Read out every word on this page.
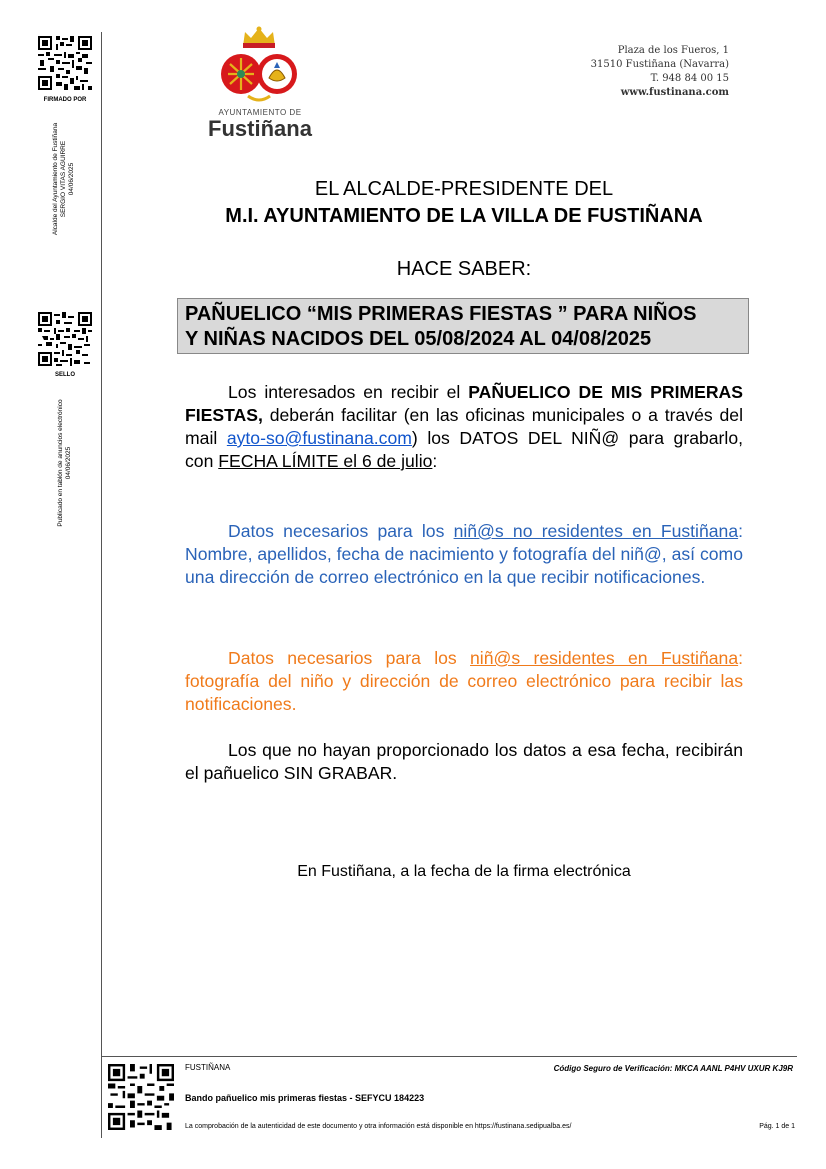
FIRMADO POR
Alcalde del Ayuntamiento de Fustiñana SERGIO VITAS AGUIRRE 04/06/2025
SELLO
Publicado en tablón de anuncios electrónico 04/06/2025
AYUNTAMIENTO DE
Fustiñana
Plaza de los Fueros, 1
31510 Fustiñana (Navarra)
T. 948 84 00 15
www.fustinana.com
EL ALCALDE-PRESIDENTE DEL
M.I. AYUNTAMIENTO DE LA VILLA DE FUSTIÑANA
HACE SABER:
PAÑUELICO “MIS PRIMERAS FIESTAS ” PARA NIÑOS
Y NIÑAS NACIDOS DEL 05/08/2024 AL 04/08/2025
Los interesados en recibir el PAÑUELICO DE MIS PRIMERAS FIESTAS, deberán facilitar (en las oficinas municipales o a través del mail ayto-so@fustinana.com) los DATOS DEL NIÑ@ para grabarlo, con FECHA LÍMITE el 6 de julio:
Datos necesarios para los niñ@s no residentes en Fustiñana: Nombre, apellidos, fecha de nacimiento y fotografía del niñ@, así como una dirección de correo electrónico en la que recibir notificaciones.
Datos necesarios para los niñ@s residentes en Fustiñana: fotografía del niño y dirección de correo electrónico para recibir las notificaciones.
Los que no hayan proporcionado los datos a esa fecha, recibirán el pañuelico SIN GRABAR.
En Fustiñana, a la fecha de la firma electrónica
FUSTIÑANA	Código Seguro de Verificación: MKCA AANL P4HV UXUR KJ9R
Bando pañuelico mis primeras fiestas - SEFYCU 184223
La comprobación de la autenticidad de este documento y otra información está disponible en https://fustinana.sedipualba.es/	Pág. 1 de 1
